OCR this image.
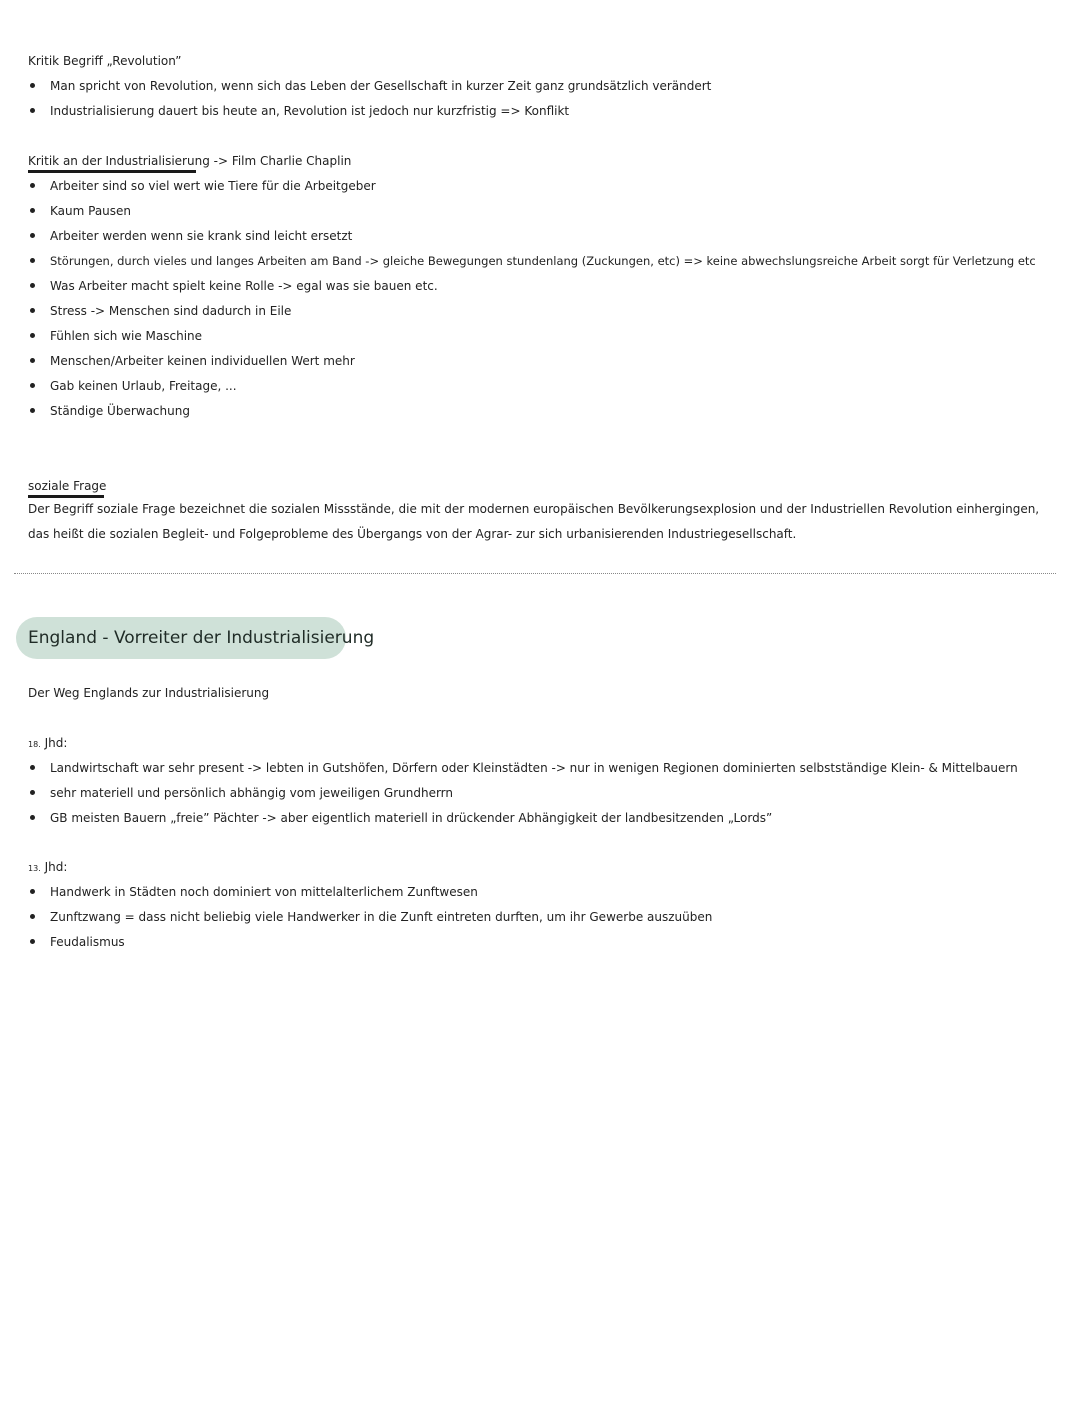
Kritik Begriff „Revolution”
Man spricht von Revolution, wenn sich das Leben der Gesellschaft in kurzer Zeit ganz grundsätzlich verändert
Industrialisierung dauert bis heute an, Revolution ist jedoch nur kurzfristig => Konflikt
Kritik an der Industrialisierung -> Film Charlie Chaplin
Arbeiter sind so viel wert wie Tiere für die Arbeitgeber
Kaum Pausen
Arbeiter werden wenn sie krank sind leicht ersetzt
Störungen, durch vieles und langes Arbeiten am Band -> gleiche Bewegungen stundenlang (Zuckungen, etc) => keine abwechslungsreiche Arbeit sorgt für Verletzung etc
Was Arbeiter macht spielt keine Rolle -> egal was sie bauen etc.
Stress -> Menschen sind dadurch in Eile
Fühlen sich wie Maschine
Menschen/Arbeiter keinen individuellen Wert mehr
Gab keinen Urlaub, Freitage, ...
Ständige Überwachung
soziale Frage
Der Begriff soziale Frage bezeichnet die sozialen Missstände, die mit der modernen europäischen Bevölkerungsexplosion und der Industriellen Revolution einhergingen, das heißt die sozialen Begleit- und Folgeprobleme des Übergangs von der Agrar- zur sich urbanisierenden Industriegesellschaft.
England - Vorreiter der Industrialisierung
Der Weg Englands zur Industrialisierung
18. Jhd:
Landwirtschaft war sehr present -> lebten in Gutshöfen, Dörfern oder Kleinstädten -> nur in wenigen Regionen dominierten selbstständige Klein- & Mittelbauern
sehr materiell und persönlich abhängig vom jeweiligen Grundherrn
GB meisten Bauern „freie” Pächter -> aber eigentlich materiell in drückender Abhängigkeit der landbesitzenden „Lords”
13. Jhd:
Handwerk in Städten noch dominiert von mittelalterlichem Zunftwesen
Zunftzwang = dass nicht beliebig viele Handwerker in die Zunft eintreten durften, um ihr Gewerbe auszuüben
Feudalismus
